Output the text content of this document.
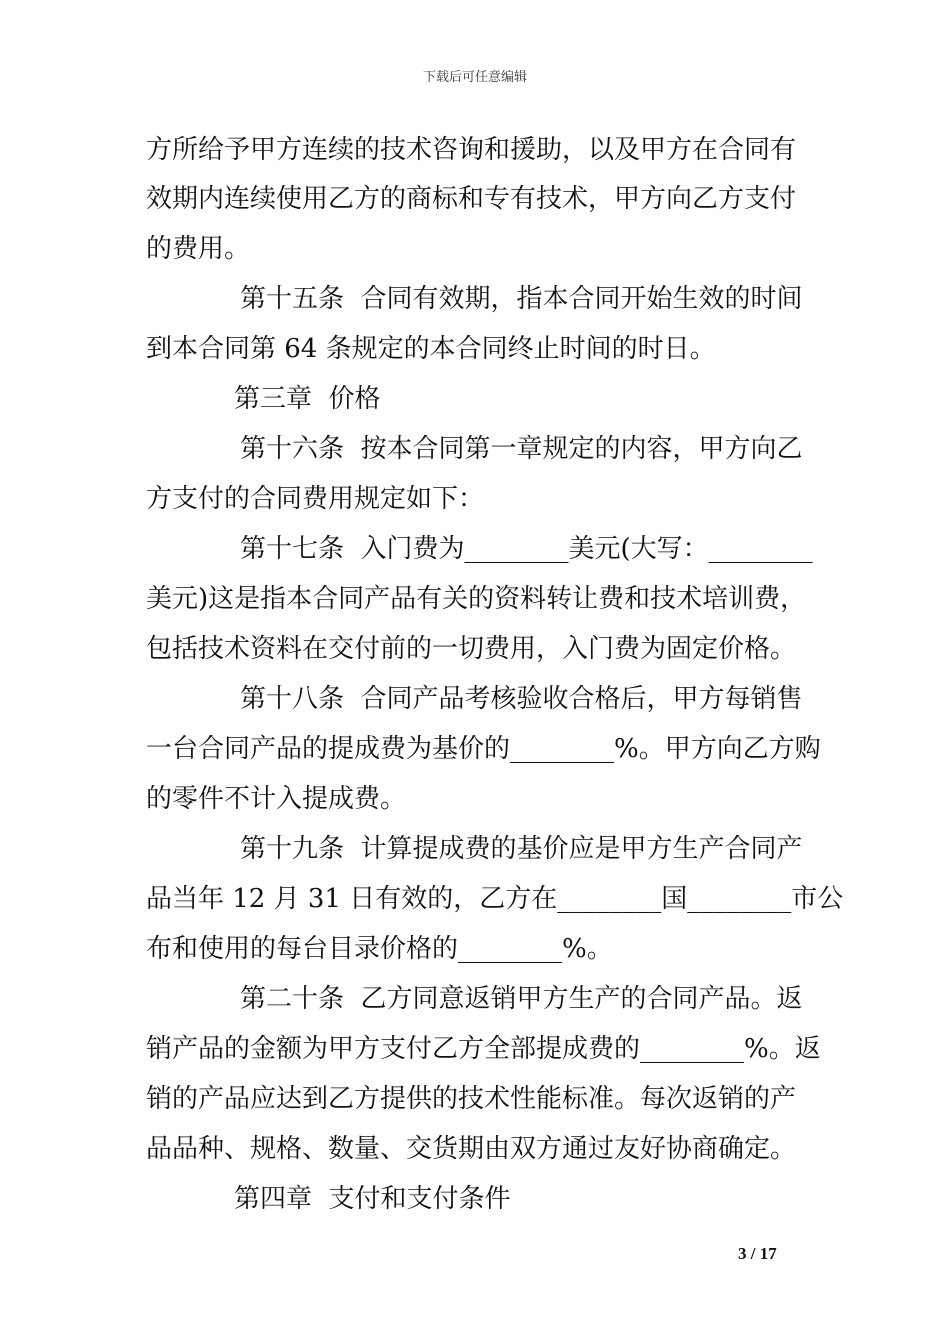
下载后可任意编辑
方所给予甲方连续的技术咨询和援助，以及甲方在合同有
效期内连续使用乙方的商标和专有技术，甲方向乙方支付
的费用。
第十五条  合同有效期，指本合同开始生效的时间
到本合同第 64 条规定的本合同终止时间的时日。
第三章  价格
第十六条  按本合同第一章规定的内容，甲方向乙
方支付的合同费用规定如下：
第十七条  入门费为________美元(大写：________
美元)这是指本合同产品有关的资料转让费和技术培训费，
包括技术资料在交付前的一切费用，入门费为固定价格。
第十八条  合同产品考核验收合格后，甲方每销售
一台合同产品的提成费为基价的________%。甲方向乙方购
的零件不计入提成费。
第十九条  计算提成费的基价应是甲方生产合同产
品当年 12 月 31 日有效的，乙方在________国________市公
布和使用的每台目录价格的________%。
第二十条  乙方同意返销甲方生产的合同产品。返
销产品的金额为甲方支付乙方全部提成费的________%。返
销的产品应达到乙方提供的技术性能标准。每次返销的产
品品种、规格、数量、交货期由双方通过友好协商确定。
第四章  支付和支付条件
3 / 17
